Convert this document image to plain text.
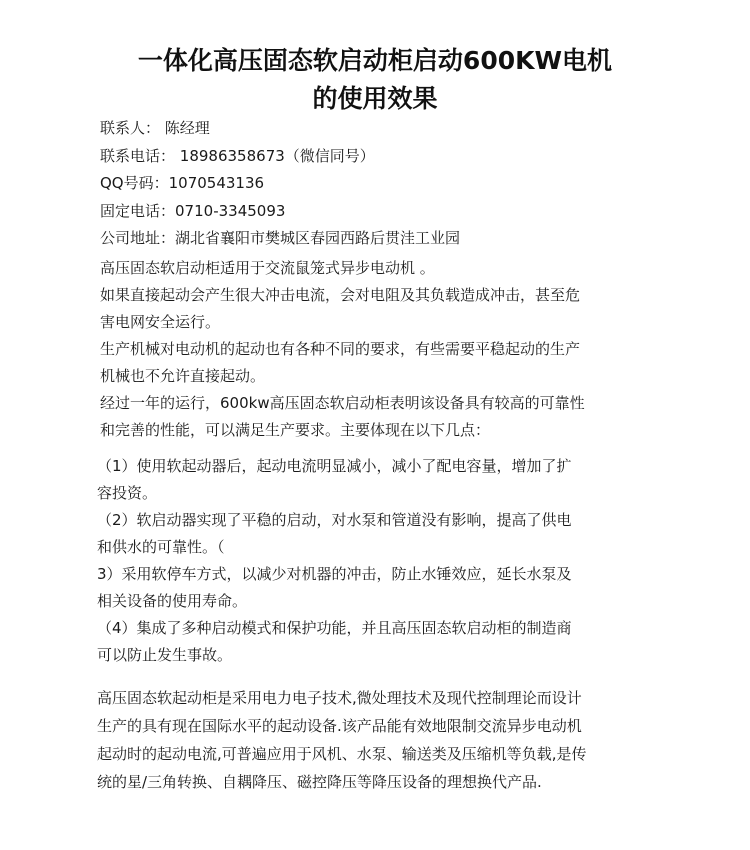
一体化高压固态软启动柜启动600KW电机
的使用效果
联系人： 陈经理
联系电话： 18986358673（微信同号）
QQ号码：1070543136
固定电话：0710-3345093
公司地址：湖北省襄阳市樊城区春园西路后贯洼工业园

高压固态软启动柜适用于交流鼠笼式异步电动机 。

如果直接起动会产生很大冲击电流，会对电阻及其负载造成冲击，甚至危

害电网安全运行。

生产机械对电动机的起动也有各种不同的要求，有些需要平稳起动的生产

机械也不允许直接起动。

经过一年的运行，600kw高压固态软启动柜表明该设备具有较高的可靠性

和完善的性能，可以满足生产要求。主要体现在以下几点：

（1）使用软起动器后，起动电流明显减小，减小了配电容量，增加了扩

容投资。

（2）软启动器实现了平稳的启动，对水泵和管道没有影响，提高了供电

和供水的可靠性。（

3）采用软停车方式，以减少对机器的冲击，防止水锤效应，延长水泵及

相关设备的使用寿命。

（4）集成了多种启动模式和保护功能，并且高压固态软启动柜的制造商

可以防止发生事故。

高压固态软起动柜是采用电力电子技术,微处理技术及现代控制理论而设计
生产的具有现在国际水平的起动设备.该产品能有效地限制交流异步电动机
起动时的起动电流,可普遍应用于风机、水泵、输送类及压缩机等负载,是传
统的星/三角转换、自耦降压、磁控降压等降压设备的理想换代产品.
